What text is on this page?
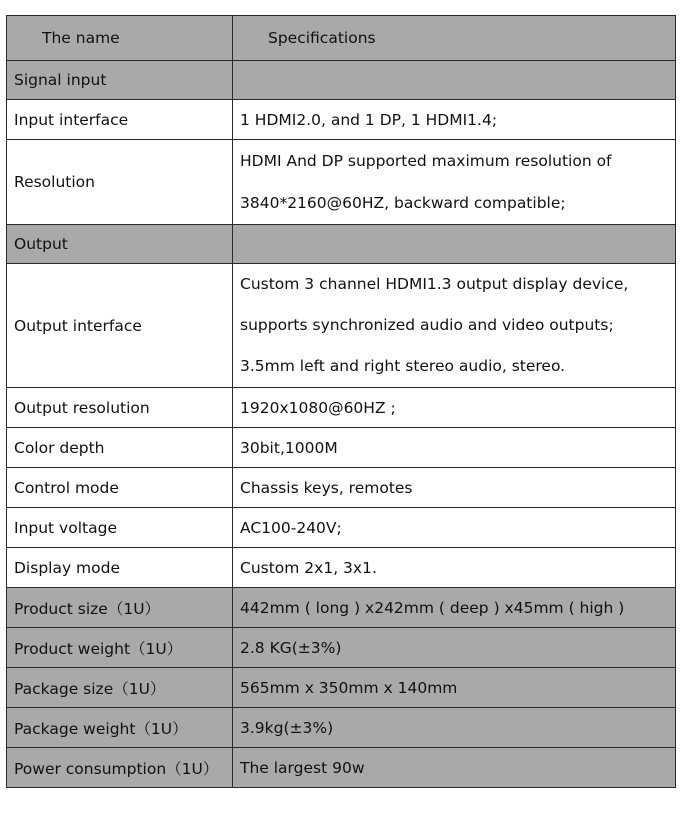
The name	Specifications
Signal input	
Input interface	1 HDMI2.0, and 1 DP, 1 HDMI1.4;
Resolution	HDMI And DP supported maximum resolution of
3840*2160@60HZ, backward compatible;

Output	
Output interface	Custom 3 channel HDMI1.3 output display device,
supports synchronized audio and video outputs;
3.5mm left and right stereo audio, stereo.

Output resolution	1920x1080@60HZ ;
Color depth	30bit,1000M
Control mode	Chassis keys, remotes
Input voltage	AC100-240V;
Display mode	Custom 2x1, 3x1.
Product size（1U）	442mm ( long ) x242mm ( deep ) x45mm ( high )
Product weight（1U）	2.8 KG(±3%)
Package size（1U）	565mm x 350mm x 140mm
Package weight（1U）	3.9kg(±3%)
Power consumption（1U）	The largest 90w
